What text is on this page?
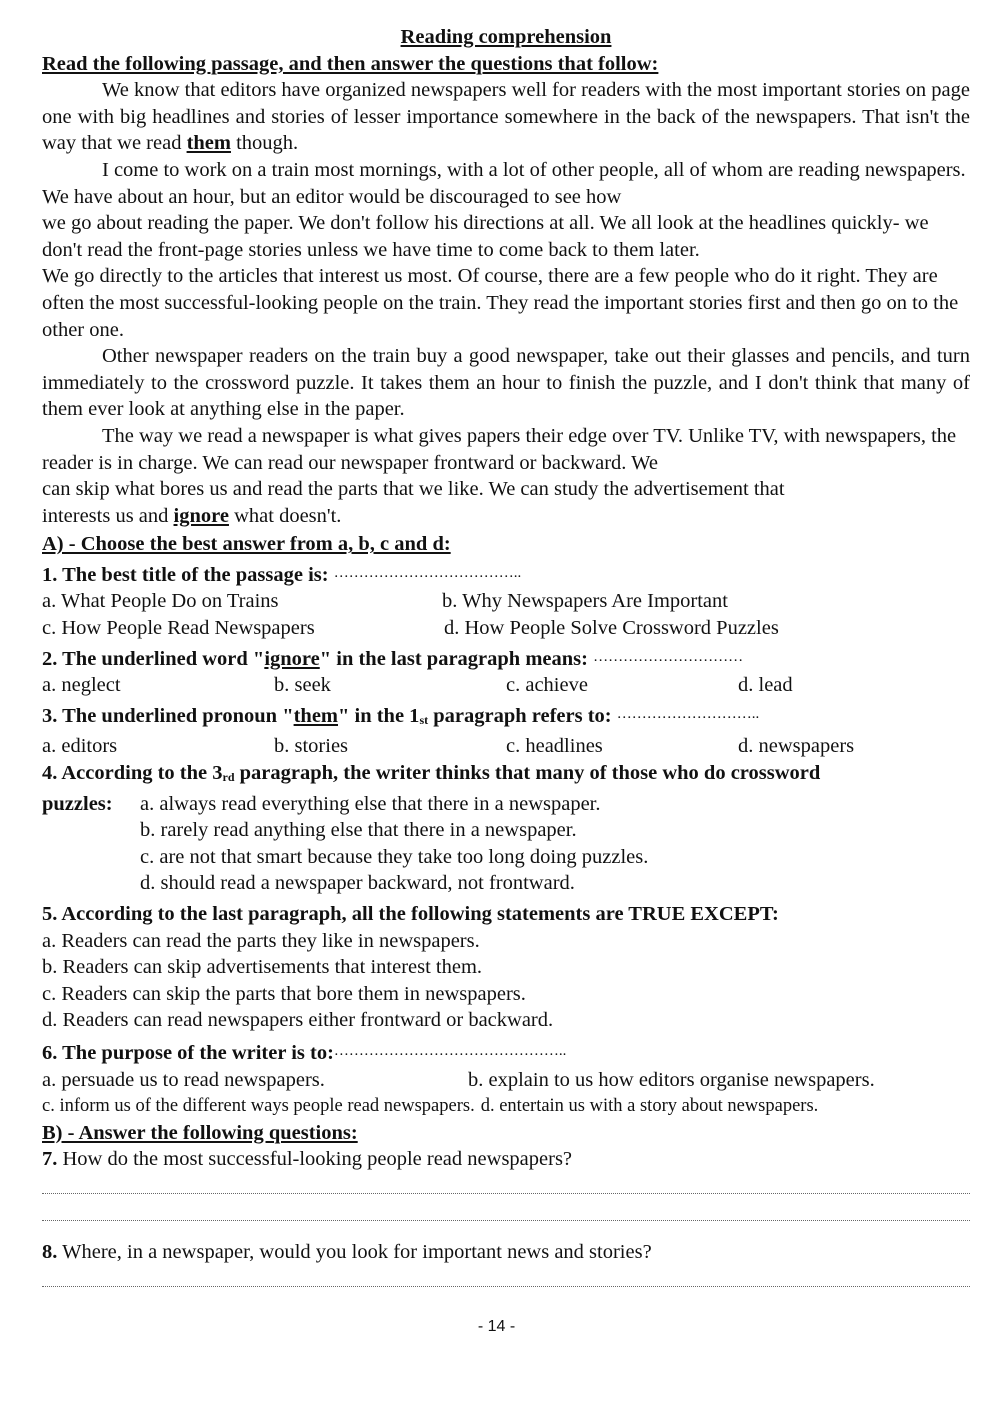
Reading comprehension

Read the following passage, and then answer the questions that follow:

We know that editors have organized newspapers well for readers with the most important stories on page one with big headlines and stories of lesser importance somewhere in the back of the newspapers. That isn't the way that we read them though.

I come to work on a train most mornings, with a lot of other people, all of whom are reading newspapers. We have about an hour, but an editor would be discouraged to see how
we go about reading the paper. We don't follow his directions at all. We all look at the headlines quickly- we don't read the front-page stories unless we have time to come back to them later.
We go directly to the articles that interest us most. Of course, there are a few people who do it right. They are often the most successful-looking people on the train. They read the important stories first and then go on to the other one.

Other newspaper readers on the train buy a good newspaper, take out their glasses and pencils, and turn immediately to the crossword puzzle. It takes them an hour to finish the puzzle, and I don't think that many of them ever look at anything else in the paper.

The way we read a newspaper is what gives papers their edge over TV. Unlike TV, with newspapers, the reader is in charge. We can read our newspaper frontward or backward. We
can skip what bores us and read the parts that we like. We can study the advertisement that
interests us and ignore what doesn't.

A) - Choose the best answer from a, b, c and d:

1. The best title of the passage is: ………………………………..

a. What People Do on Trains	b. Why Newspapers Are Important
c. How People Read Newspapers	d. How People Solve Crossword Puzzles

2. The underlined word "ignore" in the last paragraph means: …………………………

a. neglect	b. seek	c. achieve	d. lead

3. The underlined pronoun "them" in the $1_{st}$ paragraph refers to: ………………………..

a. editors	b. stories	c. headlines	d. newspapers

4. According to the $3_{rd}$ paragraph, the writer thinks that many of those who do crossword

puzzles: a. always read everything else that there in a newspaper.
b. rarely read anything else that there in a newspaper.
c. are not that smart because they take too long doing puzzles.
d. should read a newspaper backward, not frontward.

5. According to the last paragraph, all the following statements are TRUE EXCEPT:

a. Readers can read the parts they like in newspapers.
b. Readers can skip advertisements that interest them.
c. Readers can skip the parts that bore them in newspapers.
d. Readers can read newspapers either frontward or backward.

6. The purpose of the writer is to:………………………………………..

a. persuade us to read newspapers.	b. explain to us how editors organise newspapers.
c. inform us of the different ways people read newspapers. d. entertain us with a story about newspapers.

B) - Answer the following questions:

7. How do the most successful-looking people read newspapers?
8. Where, in a newspaper, would you look for important news and stories?
- 14 -
